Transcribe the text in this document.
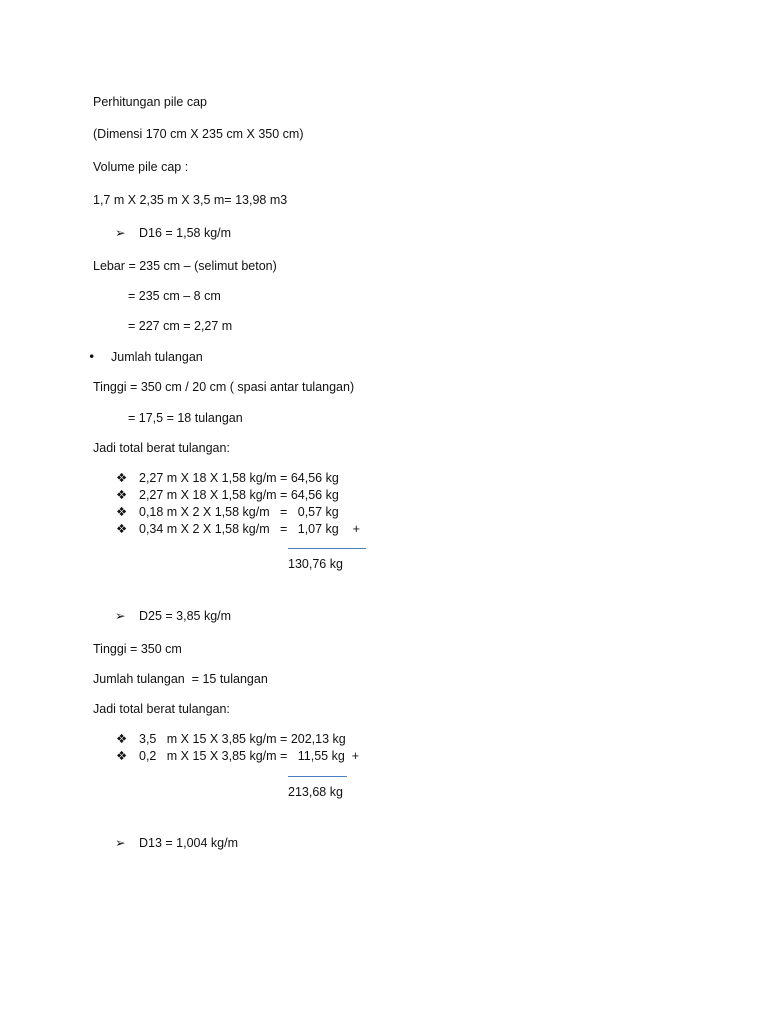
Perhitungan pile cap
(Dimensi 170 cm X 235 cm X 350 cm)
Volume pile cap :
1,7 m X 2,35 m X 3,5 m= 13,98 m3
➢ D16 = 1,58 kg/m
Lebar = 235 cm – (selimut beton)
= 235 cm – 8 cm
= 227 cm = 2,27 m
• Jumlah tulangan
Tinggi = 350 cm / 20 cm ( spasi antar tulangan)
= 17,5 = 18 tulangan
Jadi total berat tulangan:
❖ 2,27 m X 18 X 1,58 kg/m = 64,56 kg
❖ 2,27 m X 18 X 1,58 kg/m = 64,56 kg
❖ 0,18 m X 2 X 1,58 kg/m   =   0,57 kg
❖ 0,34 m X 2 X 1,58 kg/m   =   1,07 kg    +
130,76 kg
➢ D25 = 3,85 kg/m
Tinggi = 350 cm
Jumlah tulangan  = 15 tulangan
Jadi total berat tulangan:
❖ 3,5   m X 15 X 3,85 kg/m = 202,13 kg
❖ 0,2   m X 15 X 3,85 kg/m =   11,55 kg  +
213,68 kg
➢ D13 = 1,004 kg/m
